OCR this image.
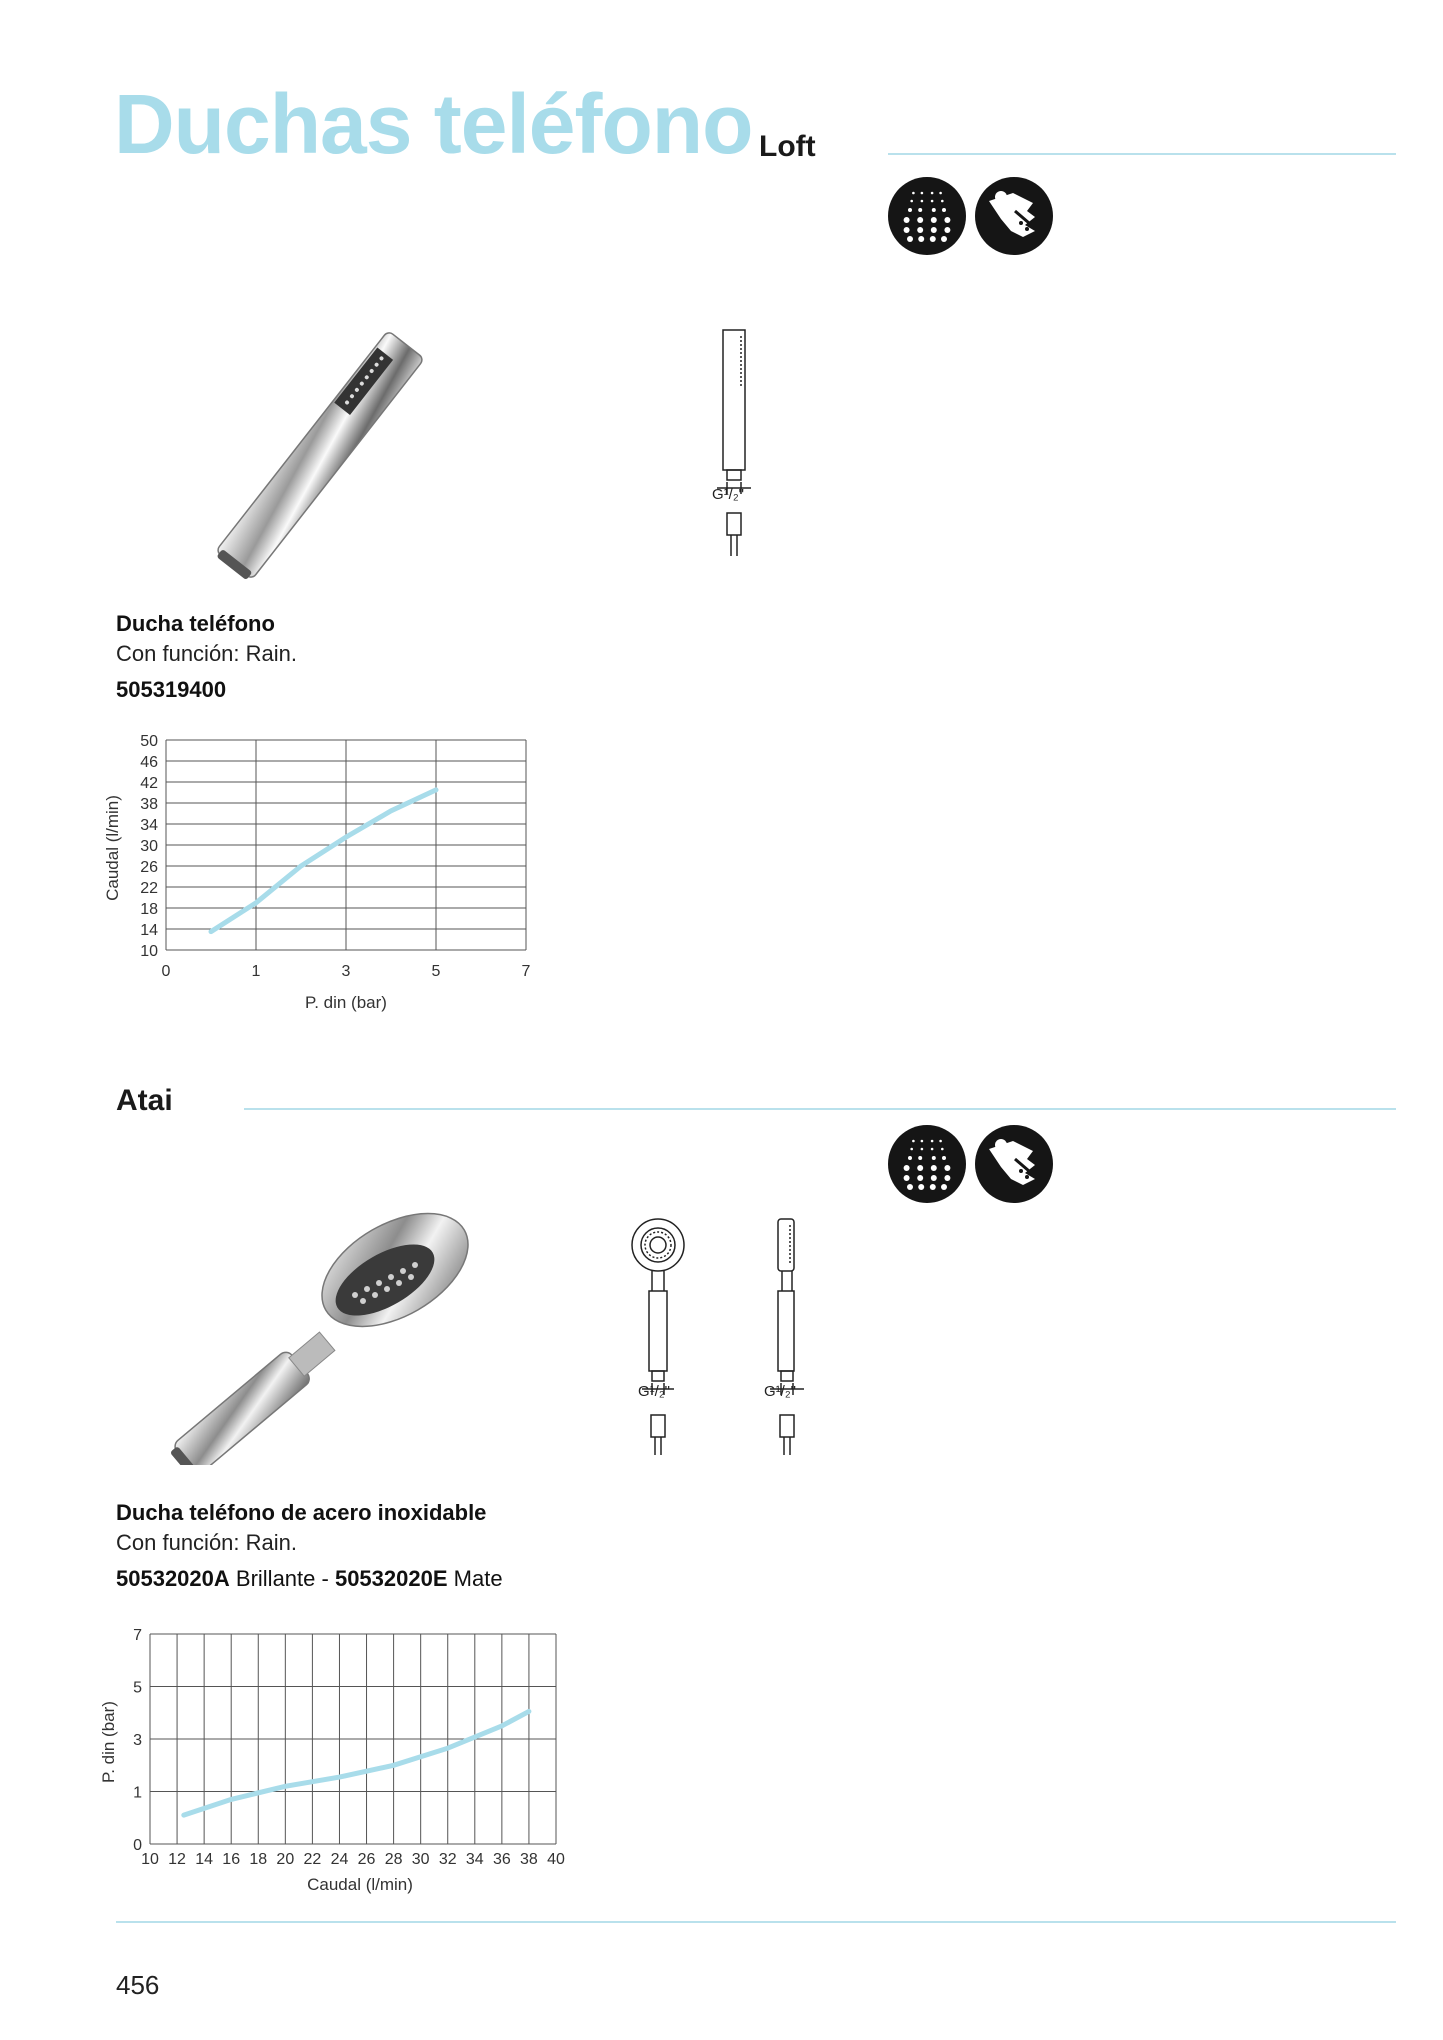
Duchas teléfono Loft
G¹/₂"

Ducha teléfono

Con función: Rain.

505319400

10
14
18
22
26
30
34
38
42
46
50
0	1	3	5	7
P. din (bar)
Caudal (l/min)
Atai
G¹/₂"	G¹/₂"

Ducha teléfono de acero inoxidable

Con función: Rain.

50532020A Brillante - 50532020E Mate

0
1
3
5
7
10 12 14 16 18 20 22 24 26 28 30 32 34 36 38 40
Caudal (l/min)
P. din (bar)
456
